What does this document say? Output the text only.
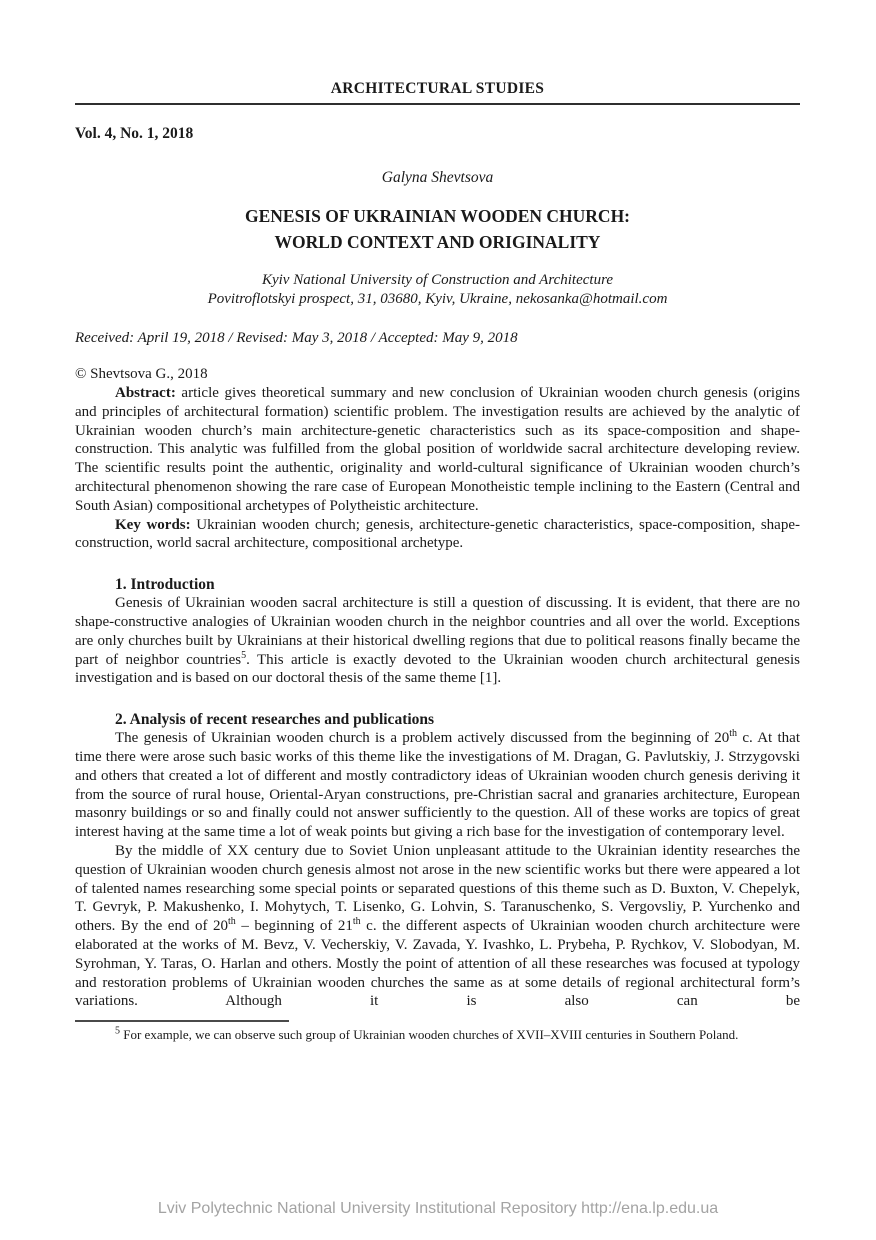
ARCHITECTURAL STUDIES
Vol. 4, No. 1, 2018
Galyna Shevtsova
GENESIS OF UKRAINIAN WOODEN CHURCH:
WORLD CONTEXT AND ORIGINALITY
Kyiv National University of Construction and Architecture
Povitroflotskyi prospect, 31, 03680, Kyiv, Ukraine, nekosanka@hotmail.com
Received: April 19, 2018 / Revised: May 3, 2018 / Accepted: May 9, 2018
© Shevtsova G., 2018

Abstract: article gives theoretical summary and new conclusion of Ukrainian wooden church genesis (origins and principles of architectural formation) scientific problem. The investigation results are achieved by the analytic of Ukrainian wooden church’s main architecture-genetic characteristics such as its space-composition and shape-construction. This analytic was fulfilled from the global position of worldwide sacral architecture developing review. The scientific results point the authentic, originality and world-cultural significance of Ukrainian wooden church’s architectural phenomenon showing the rare case of European Monotheistic temple inclining to the Eastern (Central and South Asian) compositional archetypes of Polytheistic architecture.

Key words: Ukrainian wooden church; genesis, architecture-genetic characteristics, space-composition, shape-construction, world sacral architecture, compositional archetype.

1. Introduction

Genesis of Ukrainian wooden sacral architecture is still a question of discussing. It is evident, that there are no shape-constructive analogies of Ukrainian wooden church in the neighbor countries and all over the world. Exceptions are only churches built by Ukrainians at their historical dwelling regions that due to political reasons finally became the part of neighbor countries$^5$. This article is exactly devoted to the Ukrainian wooden church architectural genesis investigation and is based on our doctoral thesis of the same theme [1].

2. Analysis of recent researches and publications

The genesis of Ukrainian wooden church is a problem actively discussed from the beginning of 20th c. At that time there were arose such basic works of this theme like the investigations of M. Dragan, G. Pavlutskiy, J. Strzygovski and others that created a lot of different and mostly contradictory ideas of Ukrainian wooden church genesis deriving it from the source of rural house, Oriental-Aryan constructions, pre-Christian sacral and granaries architecture, European masonry buildings or so and finally could not answer sufficiently to the question. All of these works are topics of great interest having at the same time a lot of weak points but giving a rich base for the investigation of contemporary level.

By the middle of XX century due to Soviet Union unpleasant attitude to the Ukrainian identity researches the question of Ukrainian wooden church genesis almost not arose in the new scientific works but there were appeared a lot of talented names researching some special points or separated questions of this theme such as D. Buxton, V. Chepelyk, T. Gevryk, P. Makushenko, I. Mohytych, T. Lisenko, G. Lohvin, S. Taranuschenko, S. Vergovsliy, P. Yurchenko and others. By the end of 20th – beginning of 21th c. the different aspects of Ukrainian wooden church architecture were elaborated at the works of M. Bevz, V. Vecherskiy, V. Zavada, Y. Ivashko, L. Prybeha, P. Rychkov, V. Slobodyan, M. Syrohman, Y. Taras, O. Harlan and others. Mostly the point of attention of all these researches was focused at typology and restoration problems of Ukrainian wooden churches the same as at some details of regional architectural form’s variations. Although it is also can be

$^5$ For example, we can observe such group of Ukrainian wooden churches of XVII–XVIII centuries in Southern Poland.

Lviv Polytechnic National University Institutional Repository http://ena.lp.edu.ua
